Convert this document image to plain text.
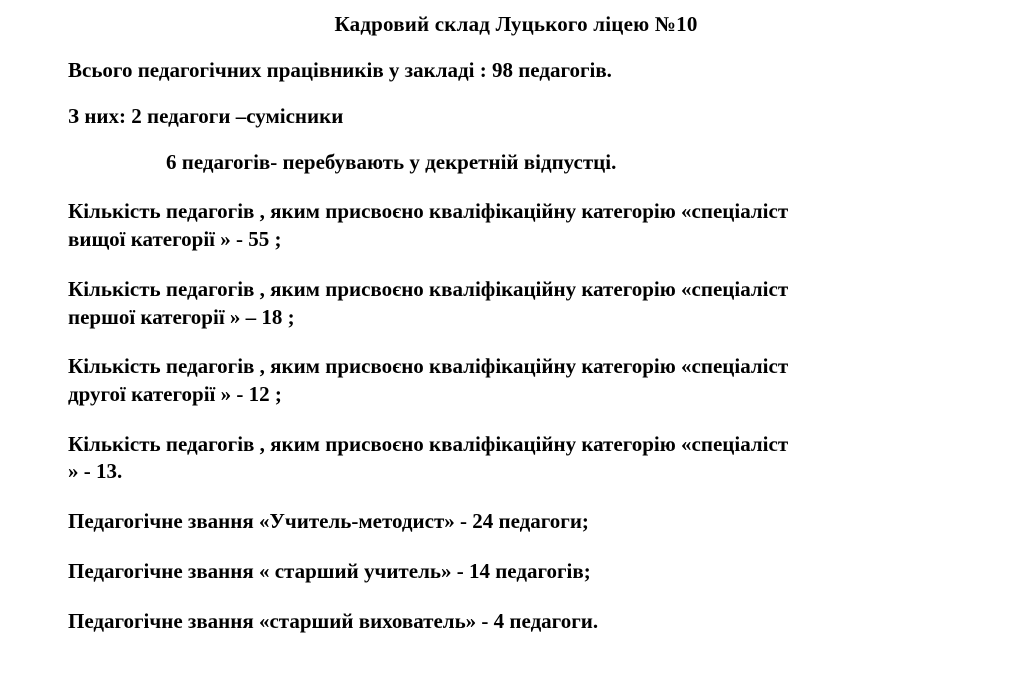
Кадровий склад Луцького ліцею №10

Всього педагогічних працівників у закладі : 98 педагогів.

З них: 2 педагоги –сумісники

6 педагогів- перебувають у декретній відпустці.

Кількість педагогів , яким присвоєно кваліфікаційну категорію «спеціаліст

вищої категорії » - 55 ;

Кількість педагогів , яким присвоєно кваліфікаційну категорію «спеціаліст

першої категорії » – 18 ;

Кількість педагогів , яким присвоєно кваліфікаційну категорію «спеціаліст

другої категорії » - 12 ;

Кількість педагогів , яким присвоєно кваліфікаційну категорію «спеціаліст

» - 13.

Педагогічне звання «Учитель-методист» - 24 педагоги;

Педагогічне звання « старший учитель» - 14 педагогів;

Педагогічне звання «старший вихователь» - 4 педагоги.
